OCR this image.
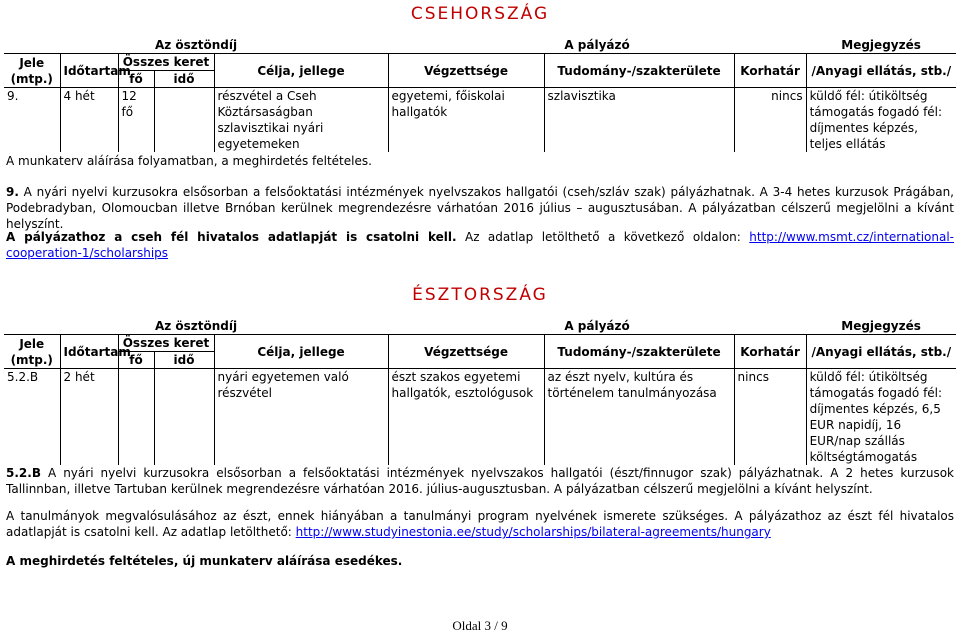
CSEHORSZÁG
Az ösztöndíj					A pályázó			Megjegyzés
Jele (mtp.)	Időtartam	Összes keret		Célja, jellege	Végzettsége	Tudomány-/szakterülete	Korhatár	/Anyagi ellátás, stb./
		fő	idő					
9.	4 hét	12 fő		részvétel a Cseh Köztársaságban szlavisztikai nyári egyetemeken	egyetemi, főiskolai hallgatók	szlavisztika	nincs	küldő fél: útiköltség támogatás fogadó fél: díjmentes képzés, teljes ellátás
A munkaterv aláírása folyamatban, a meghirdetés feltételes.
9. A nyári nyelvi kurzusokra elsősorban a felsőoktatási intézmények nyelvszakos hallgatói (cseh/szláv szak) pályázhatnak. A 3-4 hetes kurzusok Prágában, Podebradyban, Olomoucban illetve Brnóban kerülnek megrendezésre várhatóan 2016 július – augusztusában. A pályázatban célszerű megjelölni a kívánt helyszínt.
A pályázathoz a cseh fél hivatalos adatlapját is csatolni kell. Az adatlap letölthető a következő oldalon: http://www.msmt.cz/international-cooperation-1/scholarships
ÉSZTORSZÁG
Az ösztöndíj					A pályázó			Megjegyzés
Jele (mtp.)	Időtartam	Összes keret		Célja, jellege	Végzettsége	Tudomány-/szakterülete	Korhatár	/Anyagi ellátás, stb./
		fő	idő					
5.2.B	2 hét			nyári egyetemen való részvétel	észt szakos egyetemi hallgatók, esztológusok	az észt nyelv, kultúra és történelem tanulmányozása	nincs	küldő fél: útiköltség támogatás fogadó fél: díjmentes képzés, 6,5 EUR napidíj, 16 EUR/nap szállás költségtámogatás
5.2.B A nyári nyelvi kurzusokra elsősorban a felsőoktatási intézmények nyelvszakos hallgatói (észt/finnugor szak) pályázhatnak. A 2 hetes kurzusok Tallinnban, illetve Tartuban kerülnek megrendezésre várhatóan 2016. július-augusztusban. A pályázatban célszerű megjelölni a kívánt helyszínt.
A tanulmányok megvalósulásához az észt, ennek hiányában a tanulmányi program nyelvének ismerete szükséges. A pályázathoz az észt fél hivatalos adatlapját is csatolni kell. Az adatlap letölthető: http://www.studyinestonia.ee/study/scholarships/bilateral-agreements/hungary
A meghirdetés feltételes, új munkaterv aláírása esedékes.
Oldal 3 / 9
